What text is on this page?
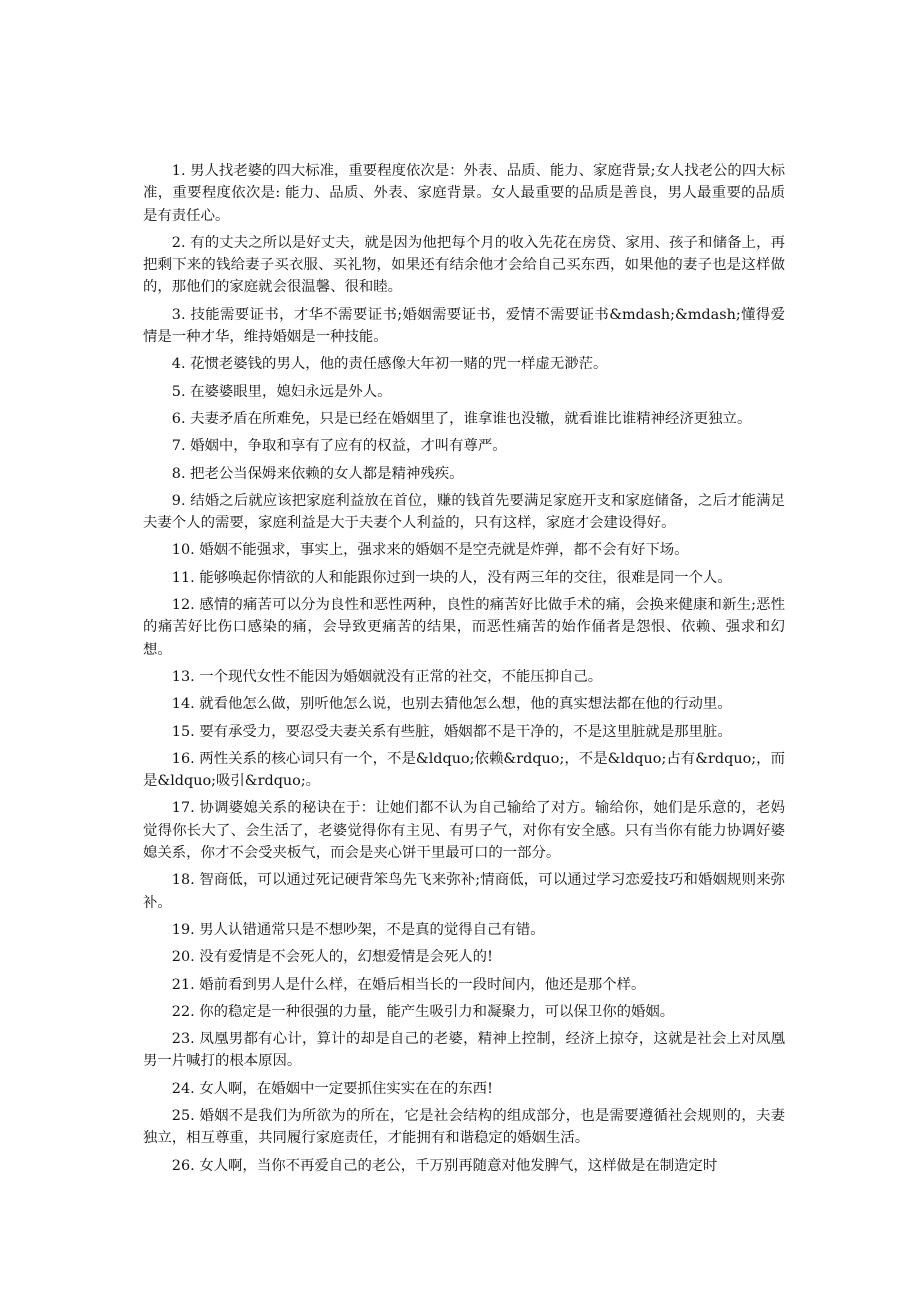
1. 男人找老婆的四大标准，重要程度依次是：外表、品质、能力、家庭背景;女人找老公的四大标准，重要程度依次是: 能力、品质、外表、家庭背景。女人最重要的品质是善良，男人最重要的品质是有责任心。

2. 有的丈夫之所以是好丈夫，就是因为他把每个月的收入先花在房贷、家用、孩子和储备上，再把剩下来的钱给妻子买衣服、买礼物，如果还有结余他才会给自己买东西，如果他的妻子也是这样做的，那他们的家庭就会很温馨、很和睦。

3. 技能需要证书，才华不需要证书;婚姻需要证书，爱情不需要证书&mdash;&mdash;懂得爱情是一种才华，维持婚姻是一种技能。

4. 花惯老婆钱的男人，他的责任感像大年初一赌的咒一样虚无渺茫。

5. 在婆婆眼里，媳妇永远是外人。

6. 夫妻矛盾在所难免，只是已经在婚姻里了，谁拿谁也没辙，就看谁比谁精神经济更独立。

7. 婚姻中，争取和享有了应有的权益，才叫有尊严。

8. 把老公当保姆来依赖的女人都是精神残疾。

9. 结婚之后就应该把家庭利益放在首位，赚的钱首先要满足家庭开支和家庭储备，之后才能满足夫妻个人的需要，家庭利益是大于夫妻个人利益的，只有这样，家庭才会建设得好。

10. 婚姻不能强求，事实上，强求来的婚姻不是空壳就是炸弹，都不会有好下场。

11. 能够唤起你情欲的人和能跟你过到一块的人，没有两三年的交往，很难是同一个人。

12. 感情的痛苦可以分为良性和恶性两种，良性的痛苦好比做手术的痛，会换来健康和新生;恶性的痛苦好比伤口感染的痛，会导致更痛苦的结果，而恶性痛苦的始作俑者是怨恨、依赖、强求和幻想。

13. 一个现代女性不能因为婚姻就没有正常的社交，不能压抑自己。

14. 就看他怎么做，别听他怎么说，也别去猜他怎么想，他的真实想法都在他的行动里。

15. 要有承受力，要忍受夫妻关系有些脏，婚姻都不是干净的，不是这里脏就是那里脏。

16. 两性关系的核心词只有一个，不是&ldquo;依赖&rdquo;，不是&ldquo;占有&rdquo;，而是&ldquo;吸引&rdquo;。

17. 协调婆媳关系的秘诀在于：让她们都不认为自己输给了对方。输给你，她们是乐意的，老妈觉得你长大了、会生活了，老婆觉得你有主见、有男子气，对你有安全感。只有当你有能力协调好婆媳关系，你才不会受夹板气，而会是夹心饼干里最可口的一部分。

18. 智商低，可以通过死记硬背笨鸟先飞来弥补;情商低，可以通过学习恋爱技巧和婚姻规则来弥补。

19. 男人认错通常只是不想吵架，不是真的觉得自己有错。

20. 没有爱情是不会死人的，幻想爱情是会死人的!

21. 婚前看到男人是什么样，在婚后相当长的一段时间内，他还是那个样。

22. 你的稳定是一种很强的力量，能产生吸引力和凝聚力，可以保卫你的婚姻。

23. 凤凰男都有心计，算计的却是自己的老婆，精神上控制，经济上掠夺，这就是社会上对凤凰男一片喊打的根本原因。

24. 女人啊，在婚姻中一定要抓住实实在在的东西!

25. 婚姻不是我们为所欲为的所在，它是社会结构的组成部分，也是需要遵循社会规则的，夫妻独立，相互尊重，共同履行家庭责任，才能拥有和谐稳定的婚姻生活。

26. 女人啊，当你不再爱自己的老公，千万别再随意对他发脾气，这样做是在制造定时
